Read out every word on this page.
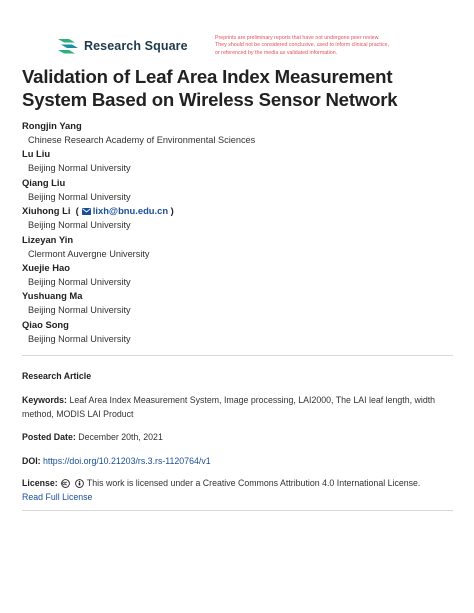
Research Square
Preprints are preliminary reports that have not undergone peer review.
They should not be considered conclusive, used to inform clinical practice,
or referenced by the media as validated information.
Validation of Leaf Area Index Measurement System Based on Wireless Sensor Network
Rongjin Yang
Chinese Research Academy of Environmental Sciences
Lu Liu
Beijing Normal University
Qiang Liu
Beijing Normal University
Xiuhong Li ( lixh@bnu.edu.cn )
Beijing Normal University
Lizeyan Yin
Clermont Auvergne University
Xuejie Hao
Beijing Normal University
Yushuang Ma
Beijing Normal University
Qiao Song
Beijing Normal University
Research Article
Keywords: Leaf Area Index Measurement System, Image processing, LAI2000, The LAI leaf length, width method, MODIS LAI Product
Posted Date: December 20th, 2021
DOI: https://doi.org/10.21203/rs.3.rs-1120764/v1
License:	This work is licensed under a Creative Commons Attribution 4.0 International License.
Read Full License
